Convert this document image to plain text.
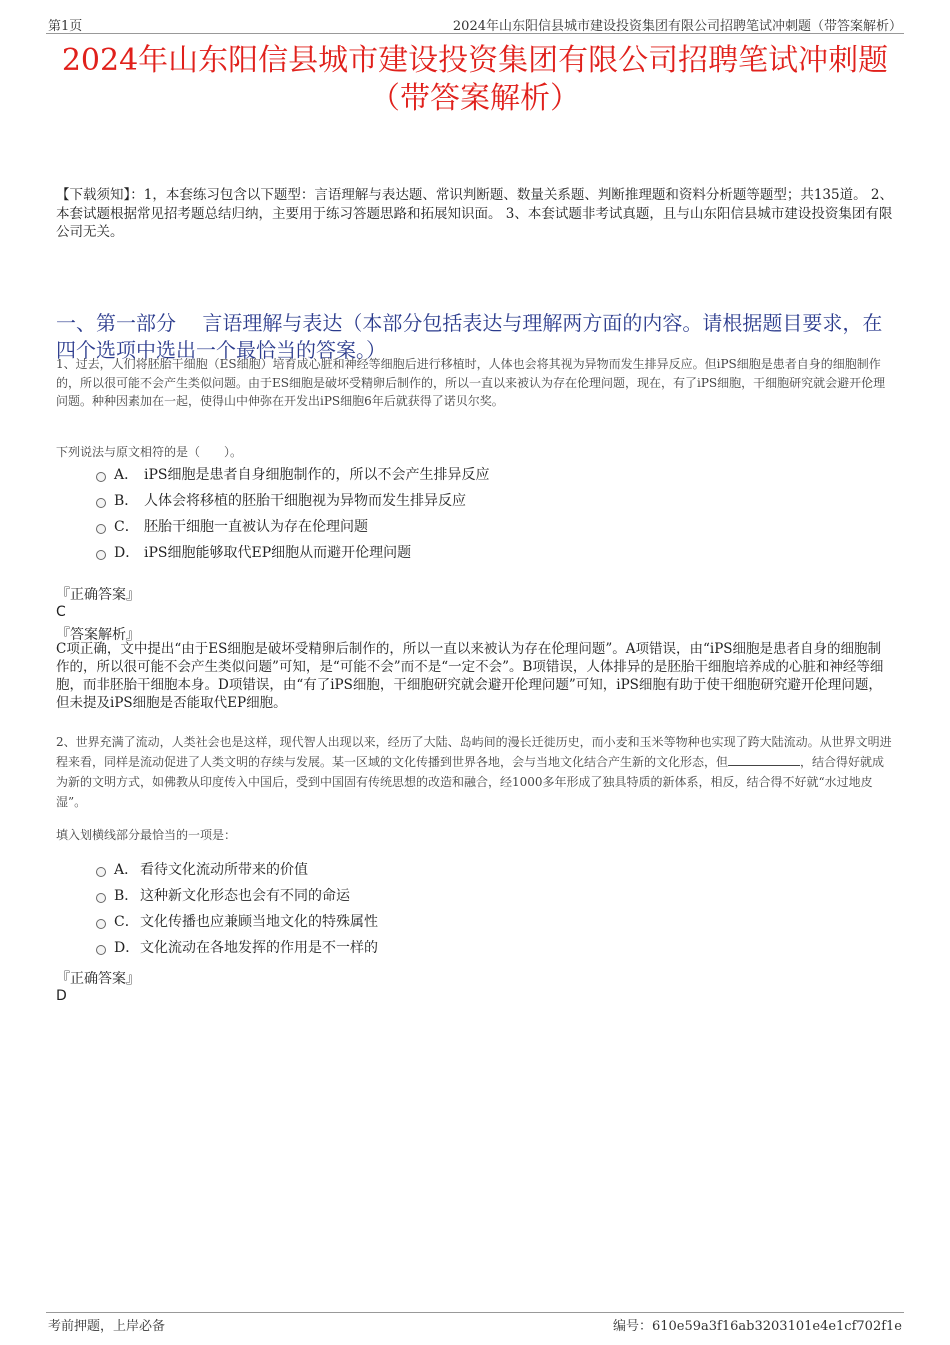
第1页	2024年山东阳信县城市建设投资集团有限公司招聘笔试冲刺题（带答案解析）
2024年山东阳信县城市建设投资集团有限公司招聘笔试冲刺题
（带答案解析）
【下载须知】：1，本套练习包含以下题型：言语理解与表达题、常识判断题、数量关系题、判断推理题和资料分析题等题型；共135道。 2、本套试题根据常见招考题总结归纳，主要用于练习答题思路和拓展知识面。 3、本套试题非考试真题，且与山东阳信县城市建设投资集团有限公司无关。
一、第一部分　 言语理解与表达（本部分包括表达与理解两方面的内容。请根据题目要求，在四个选项中选出一个最恰当的答案。）
1、过去，人们将胚胎干细胞（ES细胞）培育成心脏和神经等细胞后进行移植时，人体也会将其视为异物而发生排异反应。但iPS细胞是患者自身的细胞制作的，所以很可能不会产生类似问题。由于ES细胞是破坏受精卵后制作的，所以一直以来被认为存在伦理问题，现在，有了iPS细胞，干细胞研究就会避开伦理问题。种种因素加在一起，使得山中伸弥在开发出iPS细胞6年后就获得了诺贝尔奖。
下列说法与原文相符的是（　　）。
A． iPS细胞是患者自身细胞制作的，所以不会产生排异反应
B． 人体会将移植的胚胎干细胞视为异物而发生排异反应
C． 胚胎干细胞一直被认为存在伦理问题
D． iPS细胞能够取代EP细胞从而避开伦理问题
『正确答案』
C
『答案解析』
C项正确，文中提出“由于ES细胞是破坏受精卵后制作的，所以一直以来被认为存在伦理问题”。A项错误，由“iPS细胞是患者自身的细胞制作的，所以很可能不会产生类似问题”可知，是“可能不会”而不是“一定不会”。B项错误，人体排异的是胚胎干细胞培养成的心脏和神经等细胞，而非胚胎干细胞本身。D项错误，由“有了iPS细胞，干细胞研究就会避开伦理问题”可知，iPS细胞有助于使干细胞研究避开伦理问题，但未提及iPS细胞是否能取代EP细胞。
2、世界充满了流动，人类社会也是这样，现代智人出现以来，经历了大陆、岛屿间的漫长迁徙历史，而小麦和玉米等物种也实现了跨大陆流动。从世界文明进程来看，同样是流动促进了人类文明的存续与发展。某一区域的文化传播到世界各地，会与当地文化结合产生新的文化形态，但	，结合得好就成为新的文明方式，如佛教从印度传入中国后，受到中国固有传统思想的改造和融合，经1000多年形成了独具特质的新体系，相反，结合得不好就“水过地皮湿”。
填入划横线部分最恰当的一项是：
A． 看待文化流动所带来的价值
B． 这种新文化形态也会有不同的命运
C． 文化传播也应兼顾当地文化的特殊属性
D． 文化流动在各地发挥的作用是不一样的
『正确答案』
D
考前押题，上岸必备	编号：610e59a3f16ab3203101e4e1cf702f1e
